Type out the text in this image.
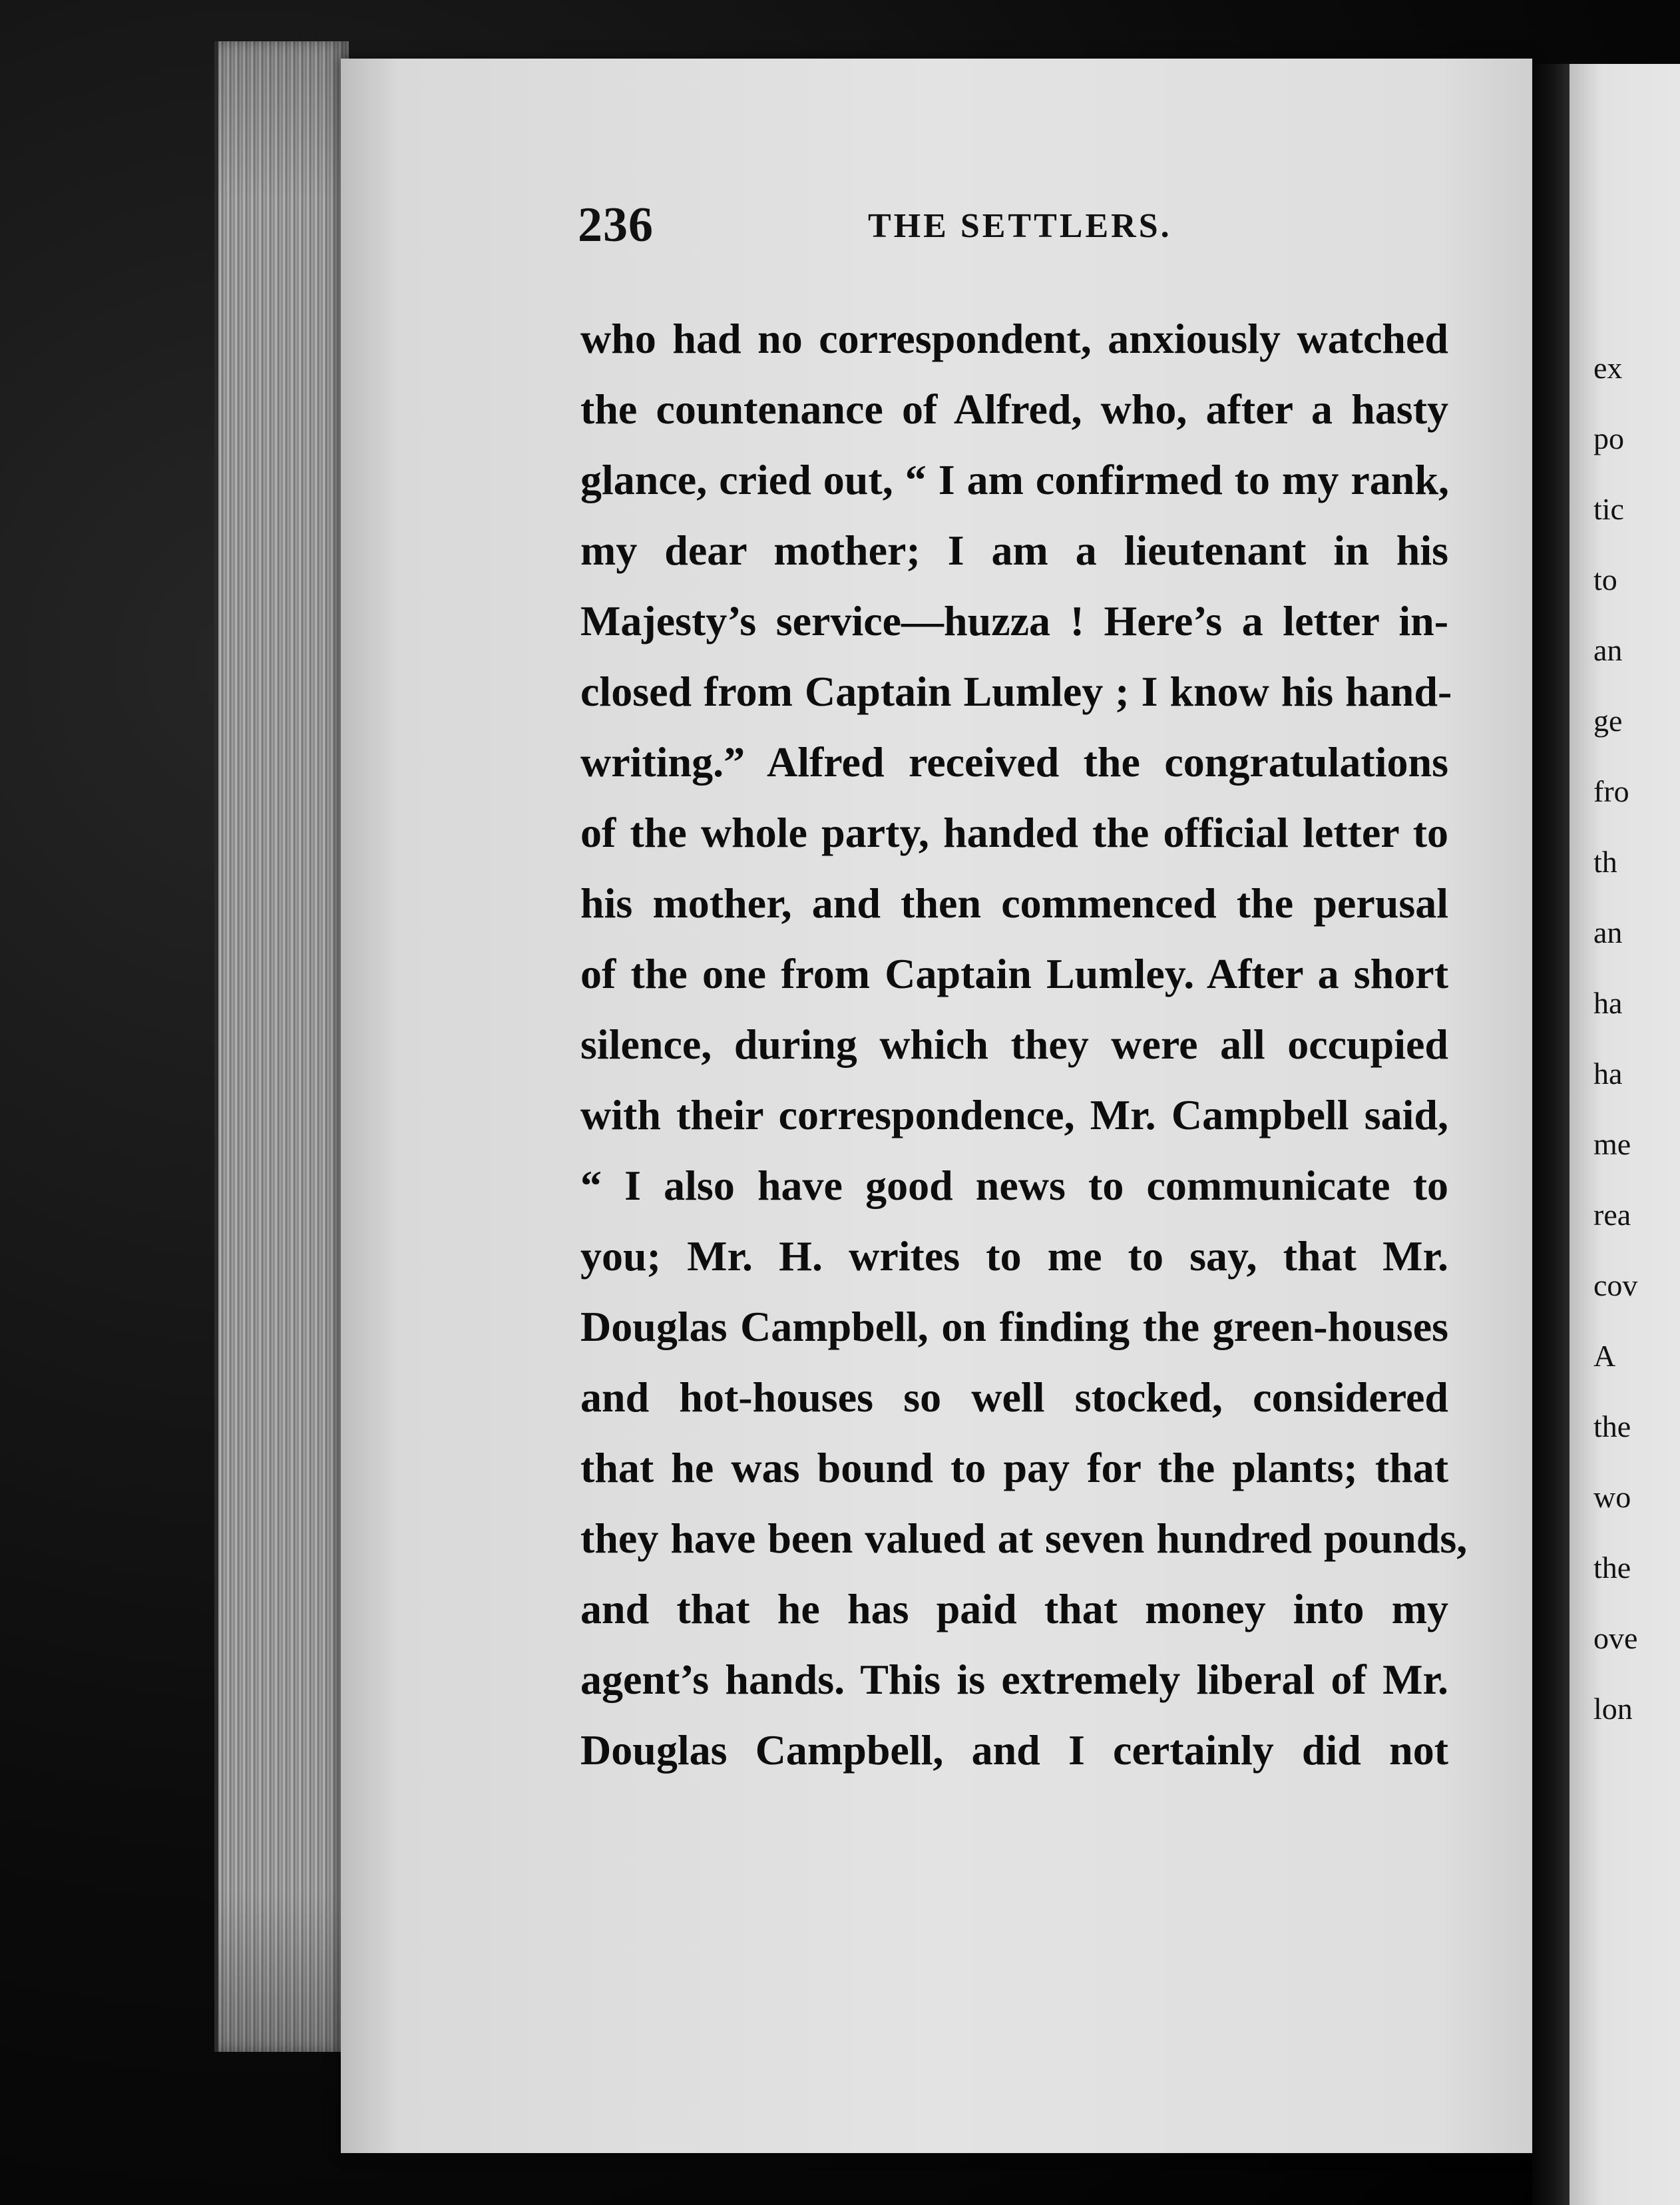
236	THE SETTLERS.
who had no correspondent, anxiously watched
the countenance of Alfred, who, after a hasty
glance, cried out, “ I am confirmed to my rank,
my dear mother; I am a lieutenant in his
Majesty’s service—huzza ! Here’s a letter in-
closed from Captain Lumley ; I know his hand-
writing.” Alfred received the congratulations
of the whole party, handed the official letter to
his mother, and then commenced the perusal
of the one from Captain Lumley. After a short
silence, during which they were all occupied
with their correspondence, Mr. Campbell said,
“ I also have good news to communicate to
you; Mr. H. writes to me to say, that Mr.
Douglas Campbell, on finding the green-houses
and hot-houses so well stocked, considered
that he was bound to pay for the plants; that
they have been valued at seven hundred pounds,
and that he has paid that money into my
agent’s hands. This is extremely liberal of Mr.
Douglas Campbell, and I certainly did not
ex
po
tic
to
an
ge
fro
th
an
ha
ha
me
rea
cov
A
the
wo
the
ove
lon
